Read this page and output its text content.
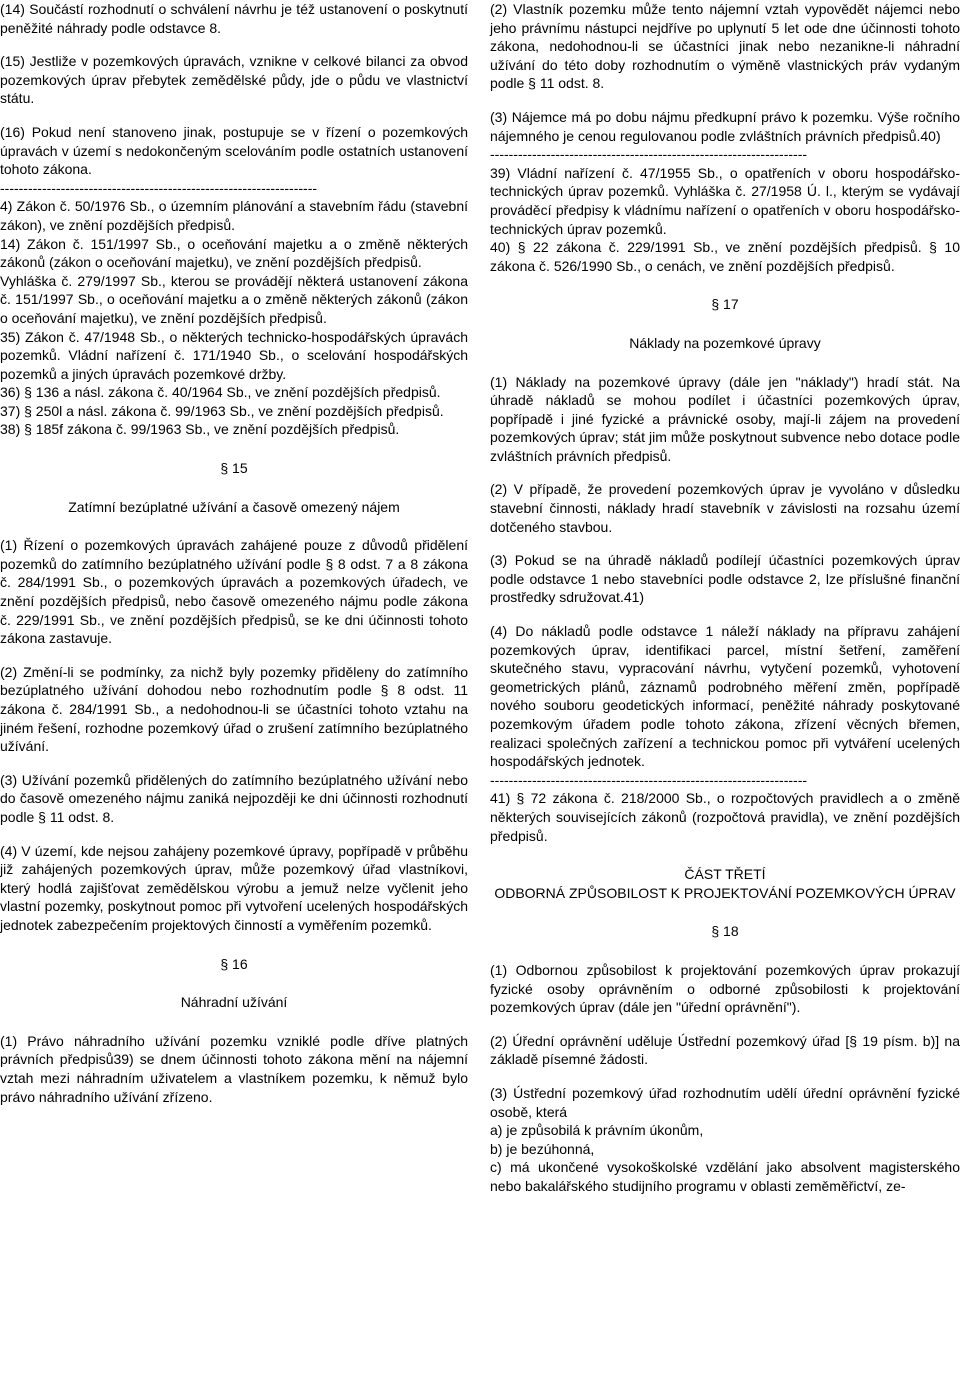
(14) Součástí rozhodnutí o schválení návrhu je též ustanovení o poskytnutí peněžité náhrady podle odstavce 8.

(15) Jestliže v pozemkových úpravách, vznikne v celkové bilanci za obvod pozemkových úprav přebytek zemědělské půdy, jde o půdu ve vlastnictví státu.

(16) Pokud není stanoveno jinak, postupuje se v řízení o pozemkových úpravách v území s nedokončeným scelováním podle ostatních ustanovení tohoto zákona.

--------------------------------------------------------------------

4) Zákon č. 50/1976 Sb., o územním plánování a stavebním řádu (stavební zákon), ve znění pozdějších předpisů.

14) Zákon č. 151/1997 Sb., o oceňování majetku a o změně některých zákonů (zákon o oceňování majetku), ve znění pozdějších předpisů.

Vyhláška č. 279/1997 Sb., kterou se provádějí některá ustanovení zákona č. 151/1997 Sb., o oceňování majetku a o změně některých zákonů (zákon o oceňování majetku), ve znění pozdějších předpisů.

35) Zákon č. 47/1948 Sb., o některých technicko-hospodářských úpravách pozemků. Vládní nařízení č. 171/1940 Sb., o scelování hospodářských pozemků a jiných úpravách pozemkové držby.

36) § 136 a násl. zákona č. 40/1964 Sb., ve znění pozdějších předpisů.

37) § 250l a násl. zákona č. 99/1963 Sb., ve znění pozdějších předpisů.

38) § 185f zákona č. 99/1963 Sb., ve znění pozdějších předpisů.

§ 15

Zatímní bezúplatné užívání a časově omezený nájem

(1) Řízení o pozemkových úpravách zahájené pouze z důvodů přidělení pozemků do zatímního bezúplatného užívání podle § 8 odst. 7 a 8 zákona č. 284/1991 Sb., o pozemkových úpravách a pozemkových úřadech, ve znění pozdějších předpisů, nebo časově omezeného nájmu podle zákona č. 229/1991 Sb., ve znění pozdějších předpisů, se ke dni účinnosti tohoto zákona zastavuje.

(2) Změní-li se podmínky, za nichž byly pozemky přiděleny do zatímního bezúplatného užívání dohodou nebo rozhodnutím podle § 8 odst. 11 zákona č. 284/1991 Sb., a nedohodnou-li se účastníci tohoto vztahu na jiném řešení, rozhodne pozemkový úřad o zrušení zatímního bezúplatného užívání.

(3) Užívání pozemků přidělených do zatímního bezúplatného užívání nebo do časově omezeného nájmu zaniká nejpozději ke dni účinnosti rozhodnutí podle § 11 odst. 8.

(4) V území, kde nejsou zahájeny pozemkové úpravy, popřípadě v průběhu již zahájených pozemkových úprav, může pozemkový úřad vlastníkovi, který hodlá zajišťovat zemědělskou výrobu a jemuž nelze vyčlenit jeho vlastní pozemky, poskytnout pomoc při vytvoření ucelených hospodářských jednotek zabezpečením projektových činností a vyměřením pozemků.

§ 16

Náhradní užívání

(1) Právo náhradního užívání pozemku vzniklé podle dříve platných právních předpisů39) se dnem účinnosti tohoto zákona mění na nájemní vztah mezi náhradním uživatelem a vlastníkem pozemku, k němuž bylo právo náhradního užívání zřízeno.

(2) Vlastník pozemku může tento nájemní vztah vypovědět nájemci nebo jeho právnímu nástupci nejdříve po uplynutí 5 let ode dne účinnosti tohoto zákona, nedohodnou-li se účastníci jinak nebo nezanikne-li náhradní užívání do této doby rozhodnutím o výměně vlastnických práv vydaným podle § 11 odst. 8.

(3) Nájemce má po dobu nájmu předkupní právo k pozemku. Výše ročního nájemného je cenou regulovanou podle zvláštních právních předpisů.40)

--------------------------------------------------------------------

39) Vládní nařízení č. 47/1955 Sb., o opatřeních v oboru hospodářsko-technických úprav pozemků. Vyhláška č. 27/1958 Ú. l., kterým se vydávají prováděcí předpisy k vládnímu nařízení o opatřeních v oboru hospodářsko-technických úprav pozemků.

40) § 22 zákona č. 229/1991 Sb., ve znění pozdějších předpisů. § 10 zákona č. 526/1990 Sb., o cenách, ve znění pozdějších předpisů.

§ 17

Náklady na pozemkové úpravy

(1) Náklady na pozemkové úpravy (dále jen "náklady") hradí stát. Na úhradě nákladů se mohou podílet i účastníci pozemkových úprav, popřípadě i jiné fyzické a právnické osoby, mají-li zájem na provedení pozemkových úprav; stát jim může poskytnout subvence nebo dotace podle zvláštních právních předpisů.

(2) V případě, že provedení pozemkových úprav je vyvoláno v důsledku stavební činnosti, náklady hradí stavebník v závislosti na rozsahu území dotčeného stavbou.

(3) Pokud se na úhradě nákladů podílejí účastníci pozemkových úprav podle odstavce 1 nebo stavebníci podle odstavce 2, lze příslušné finanční prostředky sdružovat.41)

(4) Do nákladů podle odstavce 1 náleží náklady na přípravu zahájení pozemkových úprav, identifikaci parcel, místní šetření, zaměření skutečného stavu, vypracování návrhu, vytyčení pozemků, vyhotovení geometrických plánů, záznamů podrobného měření změn, popřípadě nového souboru geodetických informací, peněžité náhrady poskytované pozemkovým úřadem podle tohoto zákona, zřízení věcných břemen, realizaci společných zařízení a technickou pomoc při vytváření ucelených hospodářských jednotek.

--------------------------------------------------------------------

41) § 72 zákona č. 218/2000 Sb., o rozpočtových pravidlech a o změně některých souvisejících zákonů (rozpočtová pravidla), ve znění pozdějších předpisů.

ČÁST TŘETÍ

ODBORNÁ ZPŮSOBILOST K PROJEKTOVÁNÍ POZEMKOVÝCH ÚPRAV

§ 18

(1) Odbornou způsobilost k projektování pozemkových úprav prokazují fyzické osoby oprávněním o odborné způsobilosti k projektování pozemkových úprav (dále jen "úřední oprávnění").

(2) Úřední oprávnění uděluje Ústřední pozemkový úřad [§ 19 písm. b)] na základě písemné žádosti.

(3) Ústřední pozemkový úřad rozhodnutím udělí úřední oprávnění fyzické osobě, která

a) je způsobilá k právním úkonům,

b) je bezúhonná,

c) má ukončené vysokoškolské vzdělání jako absolvent magisterského nebo bakalářského studijního programu v oblasti zeměměřictví, ze-
